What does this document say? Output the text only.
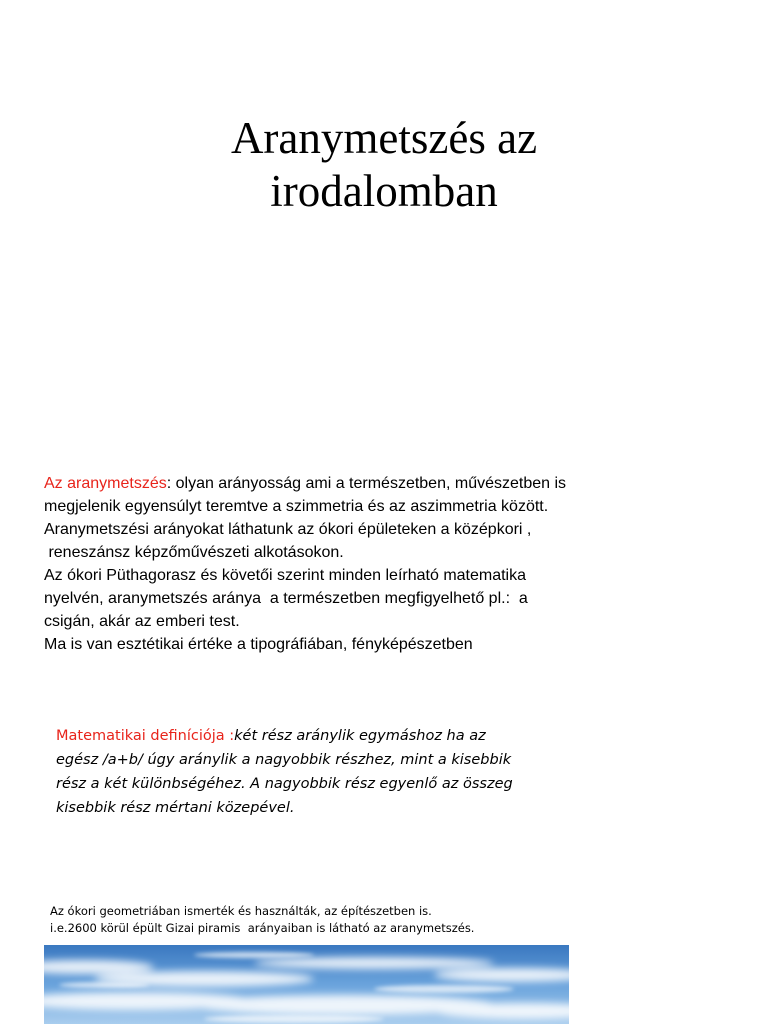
Aranymetszés az
irodalomban
Az aranymetszés: olyan arányosság ami a természetben, művészetben is
megjelenik egyensúlyt teremtve a szimmetria és az aszimmetria között.
Aranymetszési arányokat láthatunk az ókori épületeken a középkori ,
reneszánsz képzőművészeti alkotásokon.
Az ókori Püthagorasz és követői szerint minden leírható matematika
nyelvén, aranymetszés aránya  a természetben megfigyelhető pl.:  a
csigán, akár az emberi test.
Ma is van esztétikai értéke a tipográfiában, fényképészetben
Matematikai definíciója :két rész aránylik egymáshoz ha az
egész /a+b/ úgy aránylik a nagyobbik részhez, mint a kisebbik
rész a két különbségéhez. A nagyobbik rész egyenlő az összeg
kisebbik rész mértani közepével.
Az ókori geometriában ismerték és használták, az építészetben is.
i.e.2600 körül épült Gizai piramis  arányaiban is látható az aranymetszés.
